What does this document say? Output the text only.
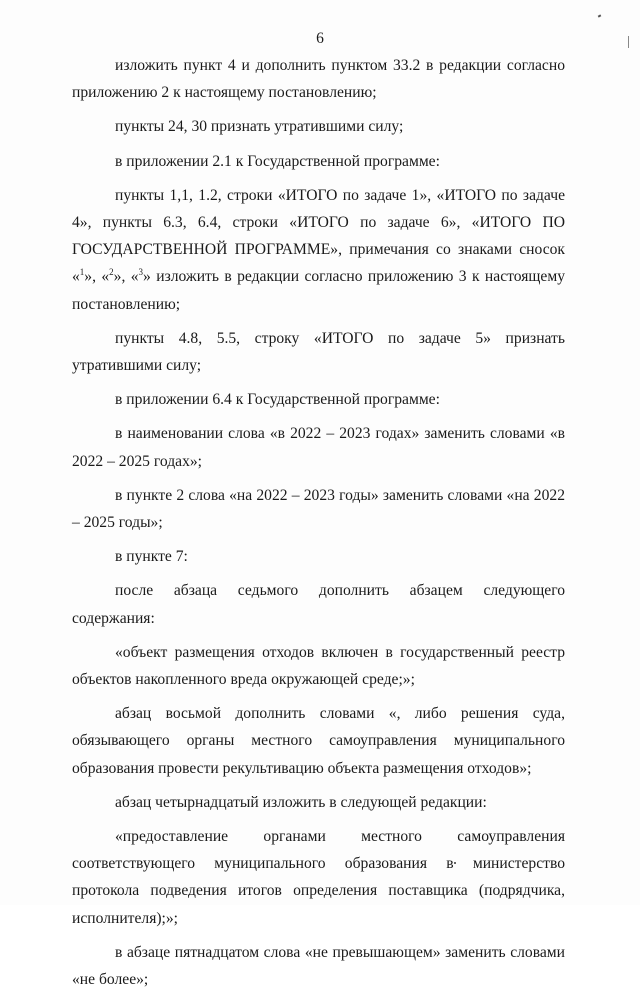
6

изложить пункт 4 и дополнить пунктом 33.2 в редакции согласно приложению 2 к настоящему постановлению;

пункты 24, 30 признать утратившими силу;

в приложении 2.1 к Государственной программе:

пункты 1,1, 1.2, строки «ИТОГО по задаче 1», «ИТОГО по задаче 4», пункты 6.3, 6.4, строки «ИТОГО по задаче 6», «ИТОГО ПО ГОСУДАРСТВЕННОЙ ПРОГРАММЕ», примечания со знаками сносок «$^1$», «$^2$», «$^3$» изложить в редакции согласно приложению 3 к настоящему постановлению;

пункты 4.8, 5.5, строку «ИТОГО по задаче 5» признать утратившими силу;

в приложении 6.4 к Государственной программе:

в наименовании слова «в 2022 – 2023 годах» заменить словами «в 2022 – 2025 годах»;

в пункте 2 слова «на 2022 – 2023 годы» заменить словами «на 2022 – 2025 годы»;

в пункте 7:

после абзаца седьмого дополнить абзацем следующего содержания:

«объект размещения отходов включен в государственный реестр объектов накопленного вреда окружающей среде;»;

абзац восьмой дополнить словами «, либо решения суда, обязывающего органы местного самоуправления муниципального образования провести рекультивацию объекта размещения отходов»;

абзац четырнадцатый изложить в следующей редакции:

«предоставление органами местного самоуправления соответствующего муниципального образования в министерство протокола подведения итогов определения поставщика (подрядчика, исполнителя);»;

в абзаце пятнадцатом слова «не превышающем» заменить словами «не более»;
